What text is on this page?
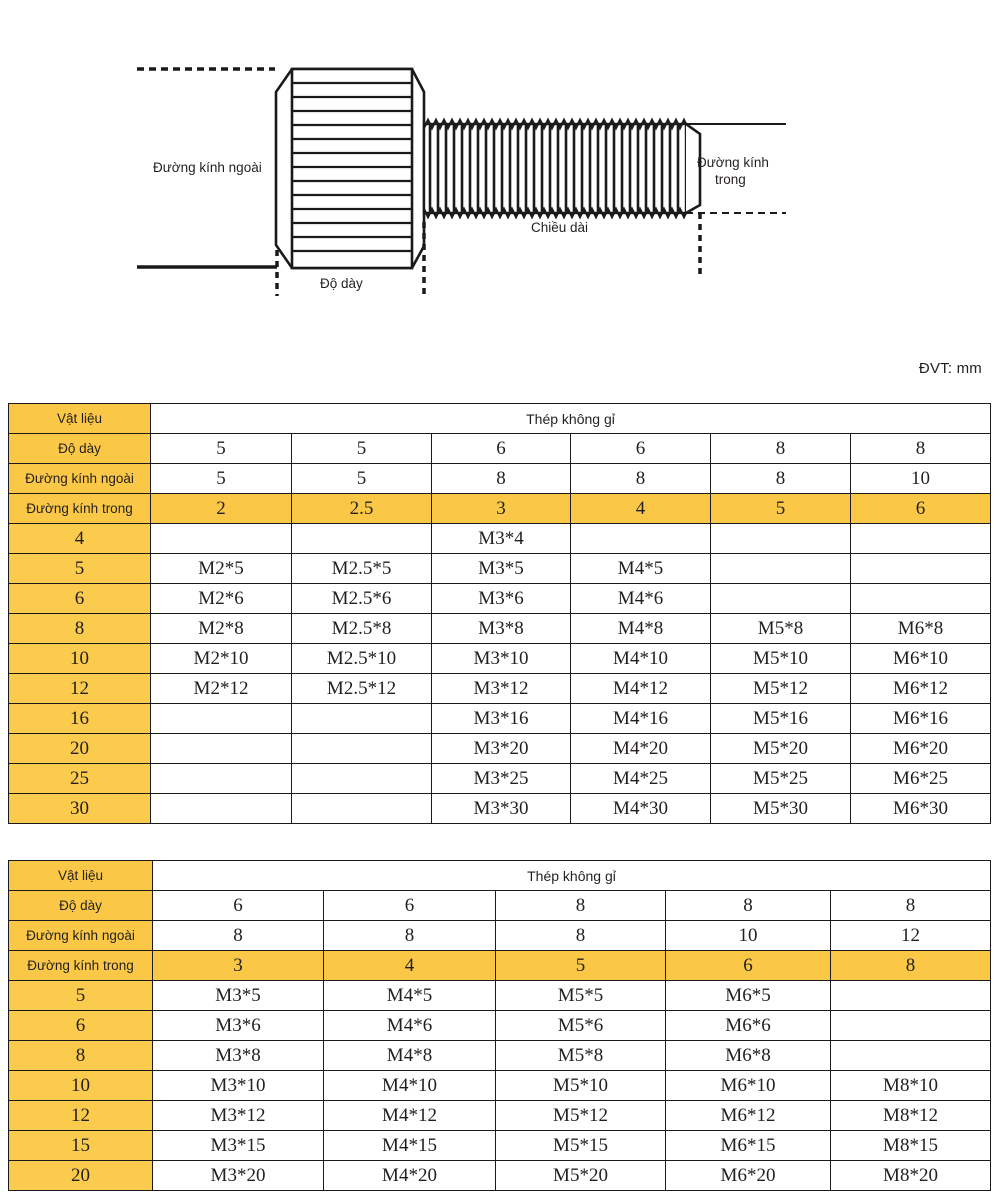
Đường kính ngoài
Độ dày
Chiều dài
Đường kính
trong
ĐVT: mm
Vật liệu	Thép không gỉ					
Độ dày	5	5	6	6	8	8
Đường kính ngoài	5	5	8	8	8	10
Đường kính trong	2	2.5	3	4	5	6
4			M3*4			
5	M2*5	M2.5*5	M3*5	M4*5		
6	M2*6	M2.5*6	M3*6	M4*6		
8	M2*8	M2.5*8	M3*8	M4*8	M5*8	M6*8
10	M2*10	M2.5*10	M3*10	M4*10	M5*10	M6*10
12	M2*12	M2.5*12	M3*12	M4*12	M5*12	M6*12
16			M3*16	M4*16	M5*16	M6*16
20			M3*20	M4*20	M5*20	M6*20
25			M3*25	M4*25	M5*25	M6*25
30			M3*30	M4*30	M5*30	M6*30
Vật liệu	Thép không gỉ				
Độ dày	6	6	8	8	8
Đường kính ngoài	8	8	8	10	12
Đường kính trong	3	4	5	6	8
5	M3*5	M4*5	M5*5	M6*5	
6	M3*6	M4*6	M5*6	M6*6	
8	M3*8	M4*8	M5*8	M6*8	
10	M3*10	M4*10	M5*10	M6*10	M8*10
12	M3*12	M4*12	M5*12	M6*12	M8*12
15	M3*15	M4*15	M5*15	M6*15	M8*15
20	M3*20	M4*20	M5*20	M6*20	M8*20
